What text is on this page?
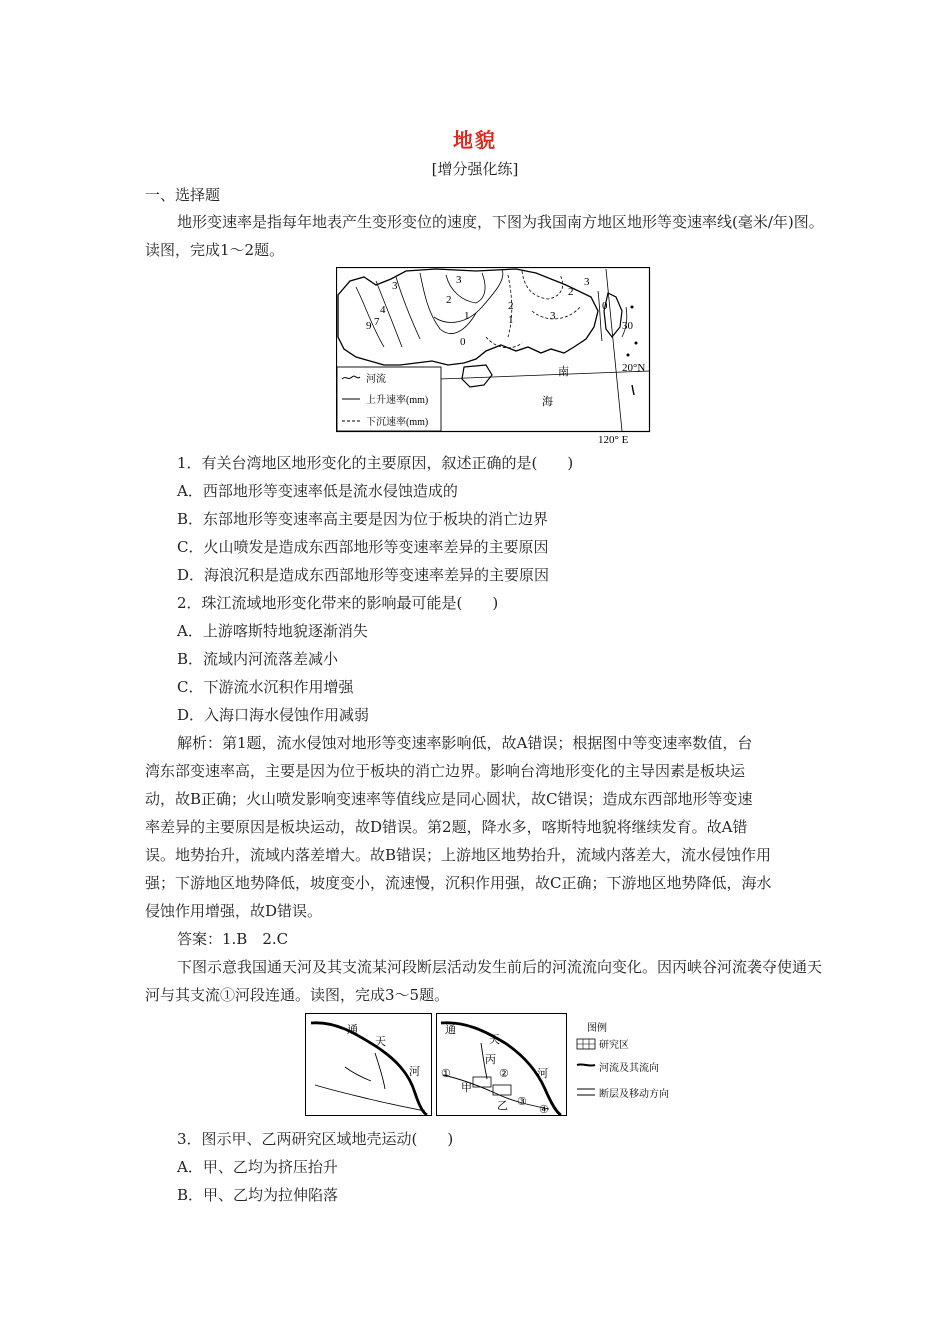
地貌
[增分强化练]
一、选择题
地形变速率是指每年地表产生变形变位的速度，下图为我国南方地区地形等变速率线(毫米/年)图。读图，完成1～2题。
3
4
9 7
3
2
1
0
2
1	3
2
3
0
30
南
海
20°N
120° E
河流
上升速率(mm)
下沉速率(mm)
1．有关台湾地区地形变化的主要原因，叙述正确的是(　　)
A．西部地形等变速率低是流水侵蚀造成的
B．东部地形等变速率高主要是因为位于板块的消亡边界
C．火山喷发是造成东西部地形等变速率差异的主要原因
D．海浪沉积是造成东西部地形等变速率差异的主要原因
2．珠江流域地形变化带来的影响最可能是(　　)
A．上游喀斯特地貌逐渐消失
B．流域内河流落差减小
C．下游流水沉积作用增强
D．入海口海水侵蚀作用减弱
解析：第1题，流水侵蚀对地形等变速率影响低，故A错误；根据图中等变速率数值，台
湾东部变速率高，主要是因为位于板块的消亡边界。影响台湾地形变化的主导因素是板块运
动，故B正确；火山喷发影响变速率等值线应是同心圆状，故C错误；造成东西部地形等变速
率差异的主要原因是板块运动，故D错误。第2题，降水多，喀斯特地貌将继续发育。故A错
误。地势抬升，流域内落差增大。故B错误；上游地区地势抬升，流域内落差大，流水侵蚀作用
强；下游地区地势降低，坡度变小，流速慢，沉积作用强，故C正确；下游地区地势降低，海水
侵蚀作用增强，故D错误。
答案：1.B　2.C
下图示意我国通天河及其支流某河段断层活动发生前后的河流流向变化。因丙峡谷河流袭夺使通天河与其支流①河段连通。读图，完成3～5题。
通
天
河
通
天
河
丙
甲
乙
①	②
③
④
图例
研究区
河流及其流向
断层及移动方向
3．图示甲、乙两研究区域地壳运动(　　)
A．甲、乙均为挤压抬升
B．甲、乙均为拉伸陷落
